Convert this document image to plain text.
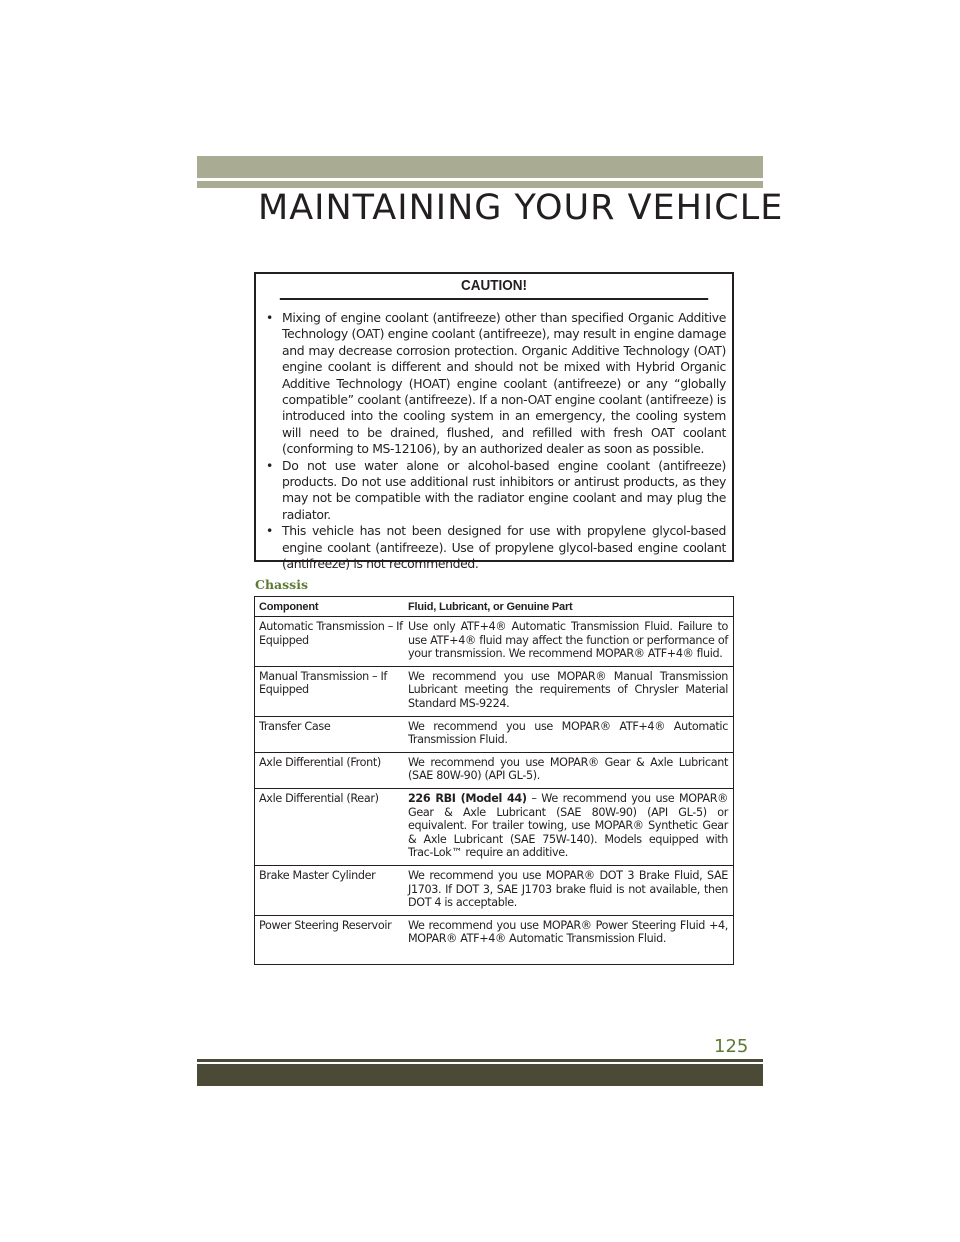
MAINTAINING YOUR VEHICLE
CAUTION!
• Mixing of engine coolant (antifreeze) other than specified Organic Additive Technology (OAT) engine coolant (antifreeze), may result in engine damage and may decrease corrosion protection. Organic Additive Technology (OAT) engine coolant is different and should not be mixed with Hybrid Organic Additive Technology (HOAT) engine coolant (antifreeze) or any “globally compatible” coolant (antifreeze). If a non-OAT engine coolant (antifreeze) is introduced into the cooling system in an emergency, the cooling system will need to be drained, flushed, and refilled with fresh OAT coolant (conforming to MS-12106), by an authorized dealer as soon as possible.
• Do not use water alone or alcohol-based engine coolant (antifreeze) products. Do not use additional rust inhibitors or antirust products, as they may not be compatible with the radiator engine coolant and may plug the radiator.
• This vehicle has not been designed for use with propylene glycol-based engine coolant (antifreeze). Use of propylene glycol-based engine coolant (antifreeze) is not recommended.
Chassis
Component	Fluid, Lubricant, or Genuine Part
Automatic Transmission – If Equipped	Use only ATF+4® Automatic Transmission Fluid. Failure to use ATF+4® fluid may affect the function or performance of your transmission. We recommend MOPAR® ATF+4® fluid.
Manual Transmission – If Equipped	We recommend you use MOPAR® Manual Transmission Lubricant meeting the requirements of Chrysler Material Standard MS-9224.
Transfer Case	We recommend you use MOPAR® ATF+4® Automatic Transmission Fluid.
Axle Differential (Front)	We recommend you use MOPAR® Gear & Axle Lubricant (SAE 80W-90) (API GL-5).
Axle Differential (Rear)	226 RBI (Model 44) – We recommend you use MOPAR® Gear & Axle Lubricant (SAE 80W-90) (API GL-5) or equivalent. For trailer towing, use MOPAR® Synthetic Gear & Axle Lubricant (SAE 75W-140). Models equipped with Trac-Lok™ require an additive.
Brake Master Cylinder	We recommend you use MOPAR® DOT 3 Brake Fluid, SAE J1703. If DOT 3, SAE J1703 brake fluid is not available, then DOT 4 is acceptable.
Power Steering Reservoir	We recommend you use MOPAR® Power Steering Fluid +4, MOPAR® ATF+4® Automatic Transmission Fluid.
125
